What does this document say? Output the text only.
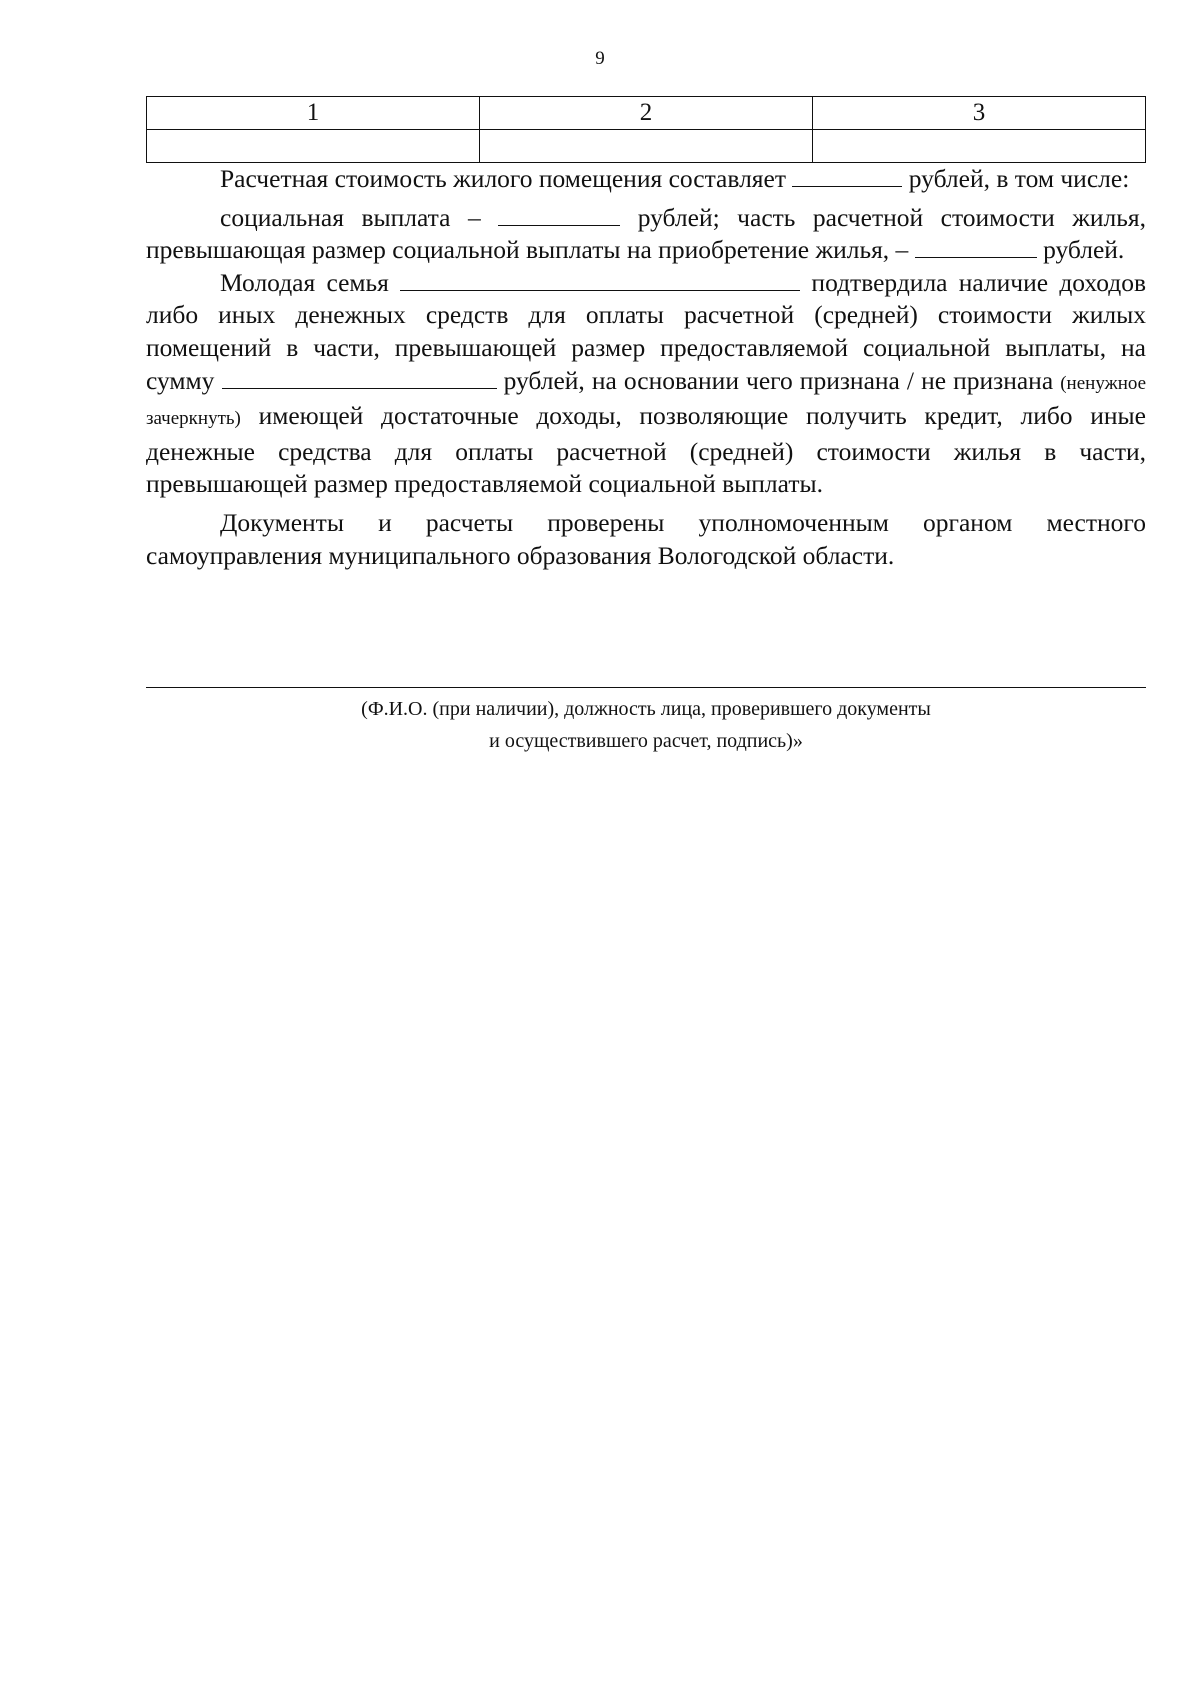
9
1	2	3

Расчетная стоимость жилого помещения составляет	рублей, в том числе:

социальная выплата –	рублей; часть расчетной стоимости жилья, превышающая размер социальной выплаты на приобретение жилья, –	рублей.

Молодая семья	подтвердила наличие доходов либо иных денежных средств для оплаты расчетной (средней) стоимости жилых помещений в части, превышающей размер предоставляемой социальной выплаты, на сумму	рублей, на основании чего признана / не признана (ненужное зачеркнуть) имеющей достаточные доходы, позволяющие получить кредит, либо иные денежные средства для оплаты расчетной (средней) стоимости жилья в части, превышающей размер предоставляемой социальной выплаты.

Документы и расчеты проверены уполномоченным органом местного самоуправления муниципального образования Вологодской области.

(Ф.И.О. (при наличии), должность лица, проверившего документы
и осуществившего расчет, подпись)»
